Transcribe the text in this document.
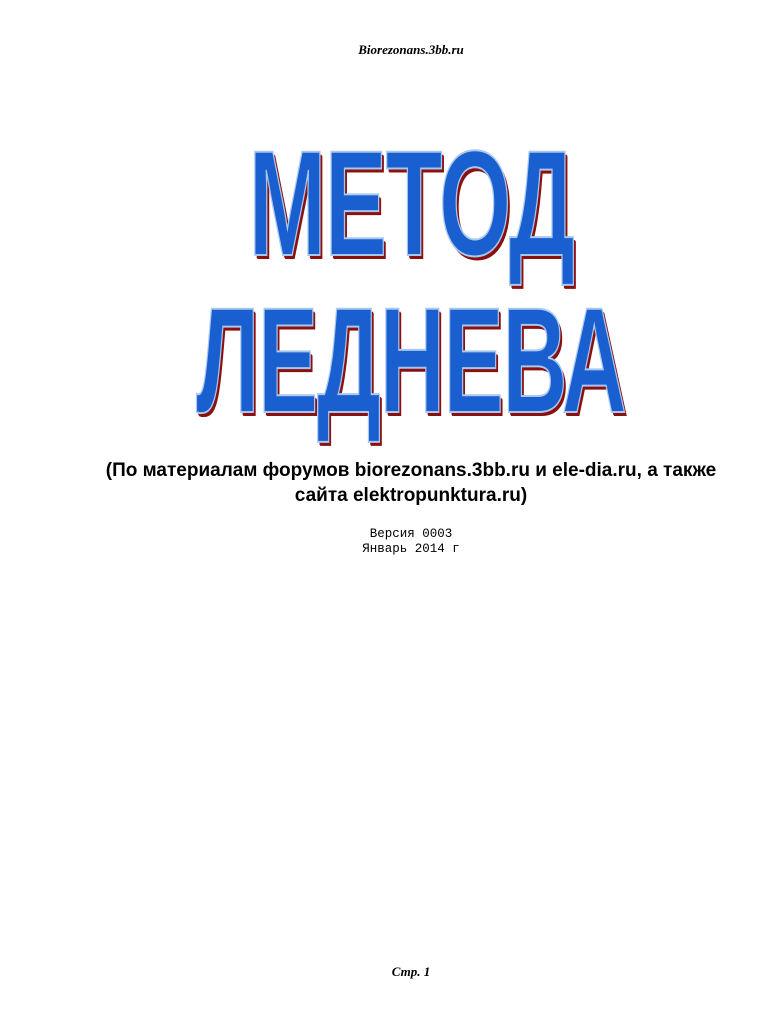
Biorezonans.3bb.ru
МЕТОД
ЛЕДНЕВА
(По материалам форумов biorezonans.3bb.ru и ele-dia.ru, а также сайта elektropunktura.ru)
Версия 0003
Январь 2014 г
Стр. 1
